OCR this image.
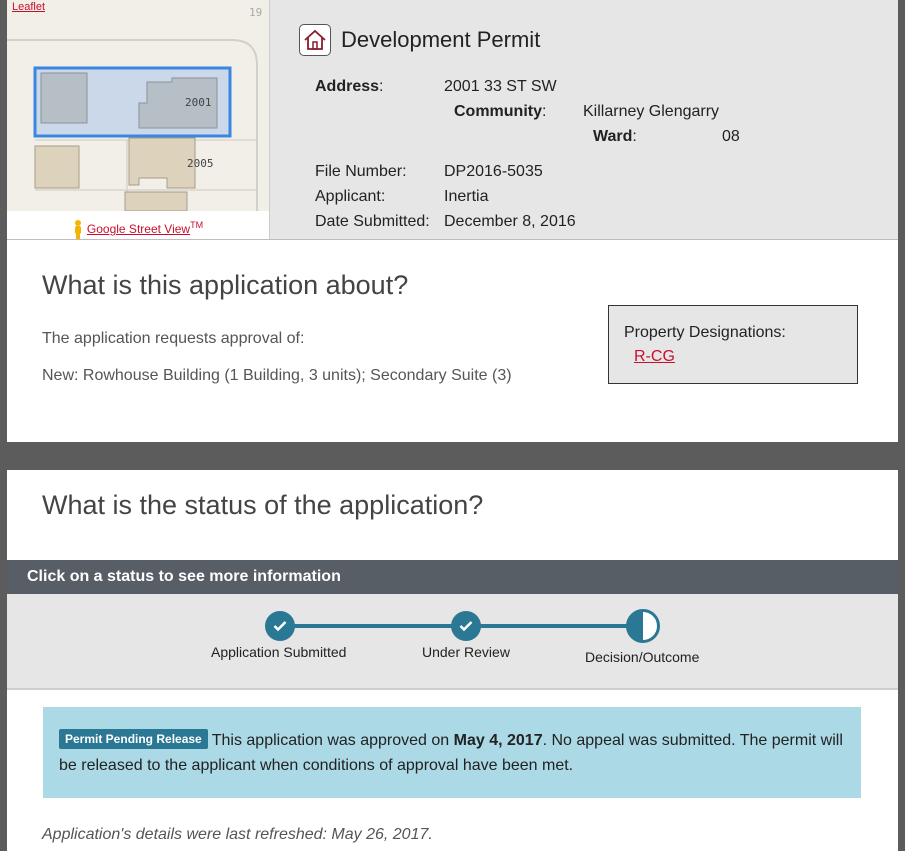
Leaflet	19
2001
2005
Google Street View™
Development Permit
Address:	2001 33 ST SW
Community: Killarney Glengarry
Ward:	08
File Number: DP2016-5035
Applicant:	Inertia
Date Submitted: December 8, 2016
What is this application about?
The application requests approval of:
New: Rowhouse Building (1 Building, 3 units); Secondary Suite (3)
Property Designations:
R-CG
What is the status of the application?
Click on a status to see more information
Application Submitted	Under Review	Decision/Outcome
Permit Pending Release This application was approved on May 4, 2017. No appeal was submitted. The permit will be released to the applicant when conditions of approval have been met.
Application's details were last refreshed: May 26, 2017.
